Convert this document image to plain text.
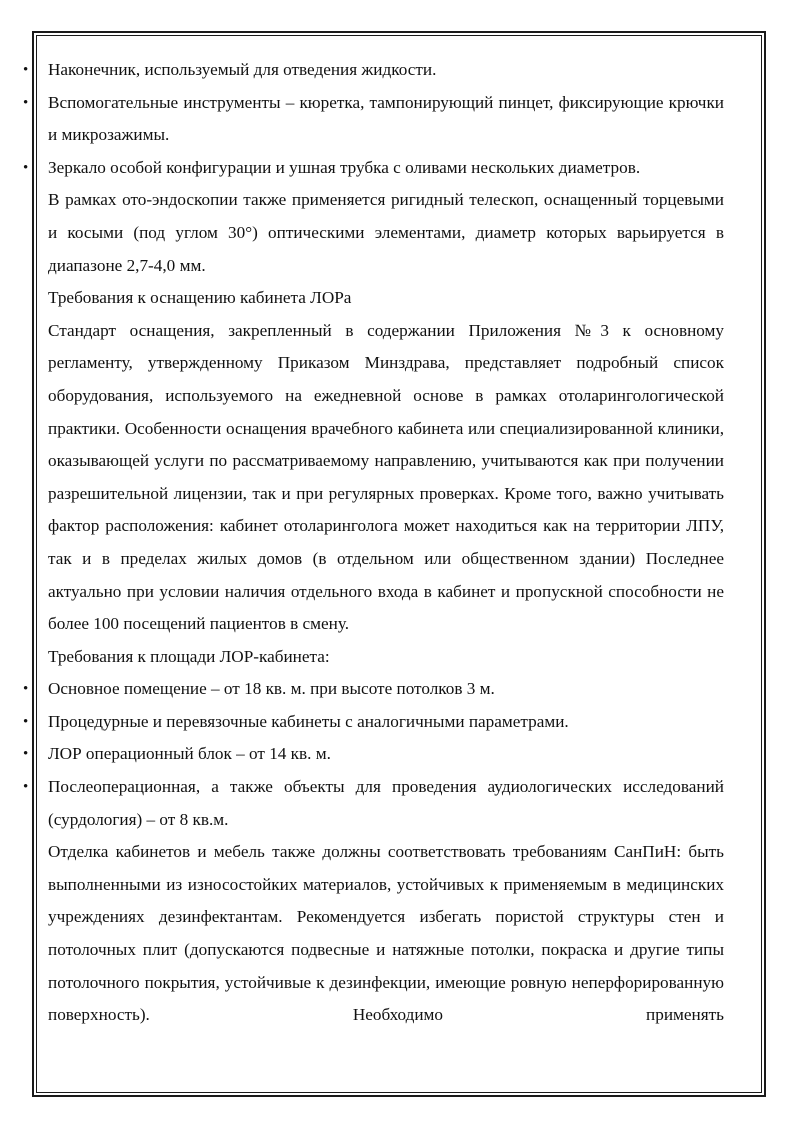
• Наконечник, используемый для отведения жидкости.

• Вспомогательные инструменты – кюретка, тампонирующий пинцет, фиксирующие крючки и микрозажимы.

• Зеркало особой конфигурации и ушная трубка с оливами нескольких диаметров.

В рамках ото-эндоскопии также применяется ригидный телескоп, оснащенный торцевыми и косыми (под углом 30°) оптическими элементами, диаметр которых варьируется в диапазоне 2,7-4,0 мм.

Требования к оснащению кабинета ЛОРа

Стандарт оснащения, закрепленный в содержании Приложения №3 к основному регламенту, утвержденному Приказом Минздрава, представляет подробный список оборудования, используемого на ежедневной основе в рамках отоларингологической практики. Особенности оснащения врачебного кабинета или специализированной клиники, оказывающей услуги по рассматриваемому направлению, учитываются как при получении разрешительной лицензии, так и при регулярных проверках. Кроме того, важно учитывать фактор расположения: кабинет отоларинголога может находиться как на территории ЛПУ, так и в пределах жилых домов (в отдельном или общественном здании) Последнее актуально при условии наличия отдельного входа в кабинет и пропускной способности не более 100 посещений пациентов в смену.

Требования к площади ЛОР-кабинета:

• Основное помещение – от 18 кв. м. при высоте потолков 3 м.

• Процедурные и перевязочные кабинеты с аналогичными параметрами.

• ЛОР операционный блок – от 14 кв. м.

• Послеоперационная, а также объекты для проведения аудиологических исследований (сурдология) – от 8 кв.м.

Отделка кабинетов и мебель также должны соответствовать требованиям СанПиН: быть выполненными из износостойких материалов, устойчивых к применяемым в медицинских учреждениях дезинфектантам. Рекомендуется избегать пористой структуры стен и потолочных плит (допускаются подвесные и натяжные потолки, покраска и другие типы потолочного покрытия, устойчивые к дезинфекции, имеющие ровную неперфорированную поверхность). Необходимо применять
